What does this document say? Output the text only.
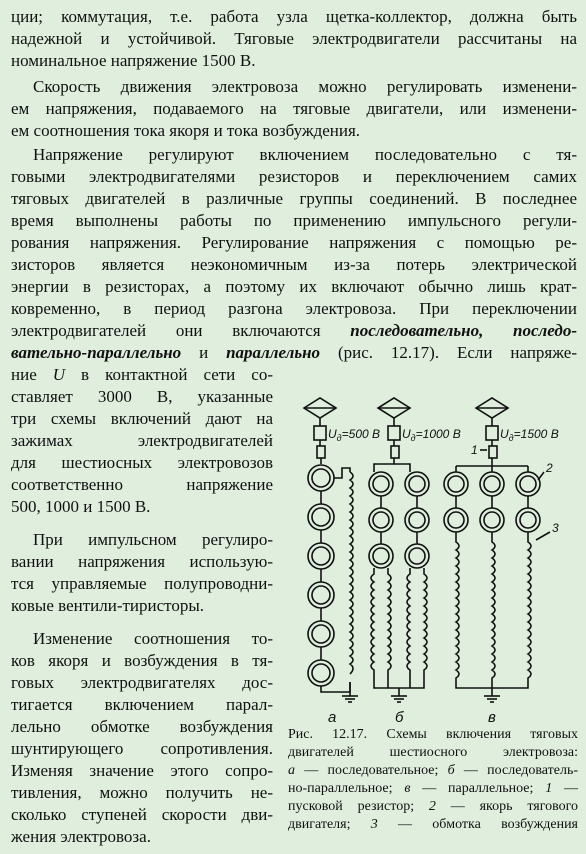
ции; коммутация, т.е. работа узла щетка-коллектор, должна быть
надежной и устойчивой. Тяговые электродвигатели рассчитаны на
номинальное напряжение 1500 В.
Скорость движения электровоза можно регулировать изменени-
ем напряжения, подаваемого на тяговые двигатели, или изменени-
ем соотношения тока якоря и тока возбуждения.
Напряжение регулируют включением последовательно с тя-
говыми электродвигателями резисторов и переключением самих
тяговых двигателей в различные группы соединений. В последнее
время выполнены работы по применению импульсного регули-
рования напряжения. Регулирование напряжения с помощью ре-
зисторов является неэкономичным из-за потерь электрической
энергии в резисторах, а поэтому их включают обычно лишь крат-
ковременно, в период разгона электровоза. При переключении
электродвигателей они включаются последовательно, последо-
вательно-параллельно и параллельно (рис. 12.17). Если напряже-
ние U в контактной сети со-
ставляет 3000 В, указанные
три схемы включений дают на
зажимах электродвигателей
для шестиосных электровозов
соответственно напряжение
500, 1000 и 1500 В.
При импульсном регулиро-
вании напряжения использую-
тся управляемые полупроводни-
ковые вентили-тиристоры.
Изменение соотношения то-
ков якоря и возбуждения в тя-
говых электродвигателях дос-
тигается включением парал-
лельно обмотке возбуждения
шунтирующего сопротивления.
Изменяя значение этого сопро-
тивления, можно получить не-
сколько ступеней скорости дви-
жения электровоза.
$U_д=500$ В $U_д=1000$ В	$U_д=1500$ В
1
2
3
а	б	в
Рис. 12.17. Схемы включения тяговых
двигателей шестиосного электровоза:
а — последовательное; б — последователь-
но-параллельное; в — параллельное; 1 —
пусковой резистор; 2 — якорь тягового
двигателя; 3 — обмотка возбуждения
